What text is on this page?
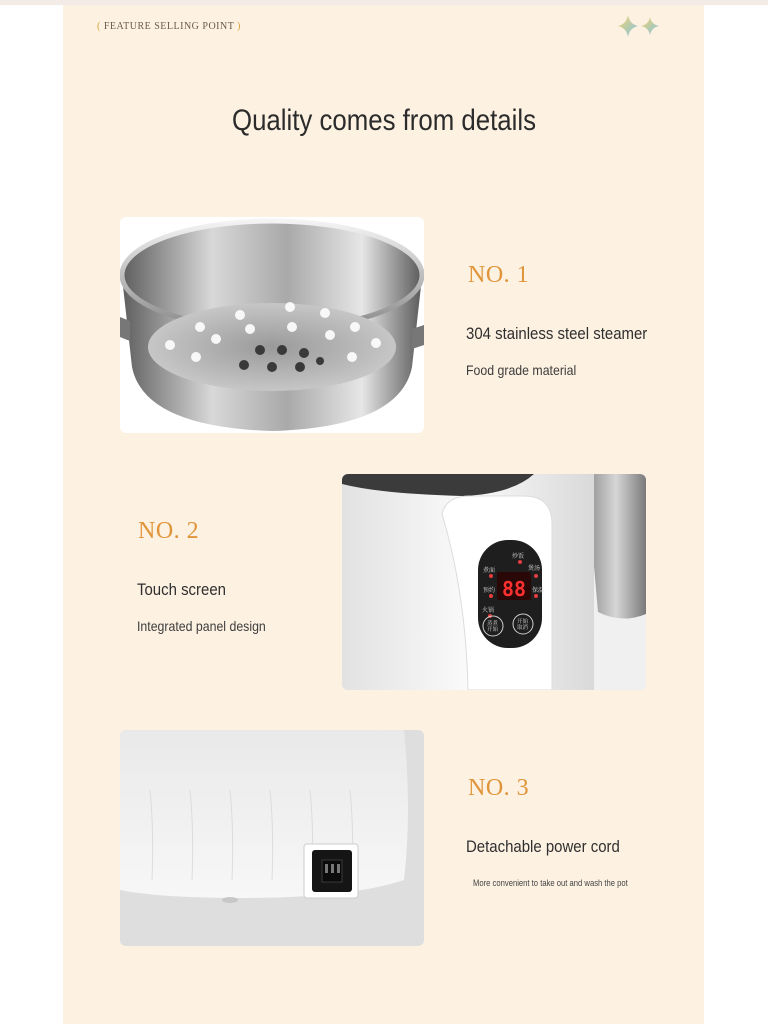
( FEATURE SELLING POINT )
Quality comes from details
NO. 1
304 stainless steel steamer
Food grade material
NO. 2
Touch screen
Integrated panel design
煮面
预约
火锅
炒饭
煲汤
保温
88
蒸煮
开始
开始
取消
NO. 3
Detachable power cord
More convenient to take out and wash the pot
